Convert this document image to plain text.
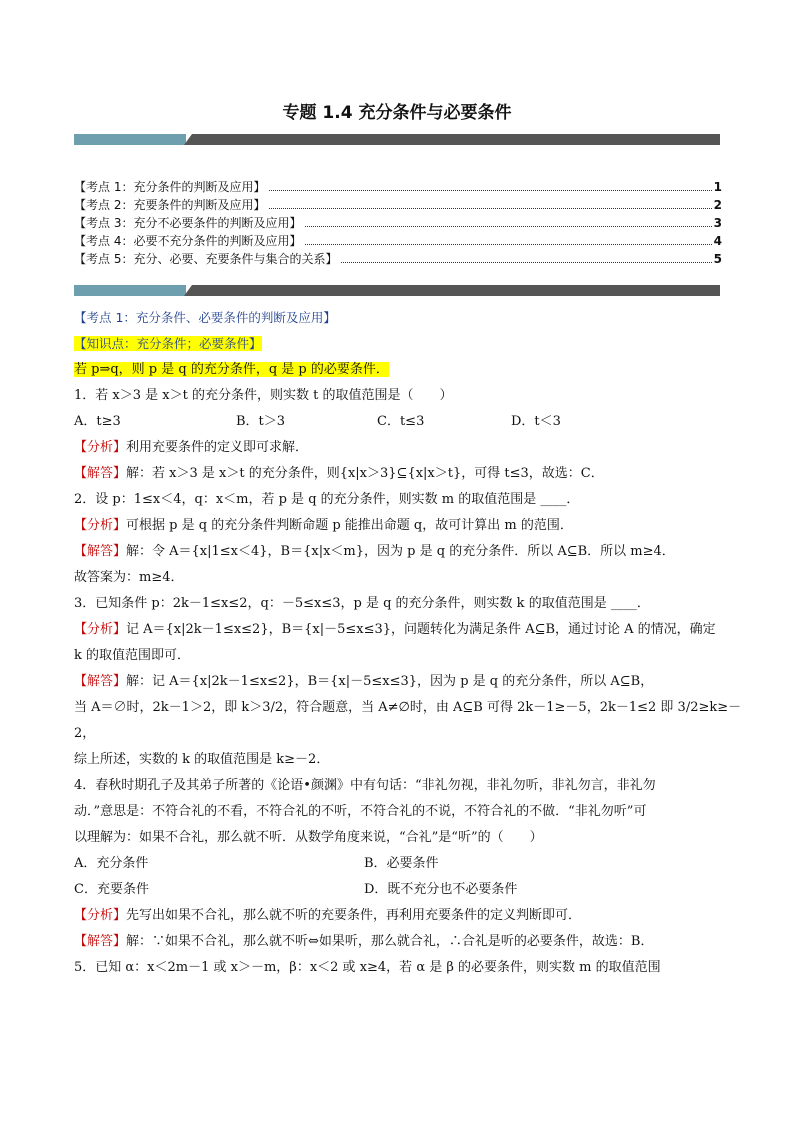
专题 1.4 充分条件与必要条件
【考点 1：充分条件的判断及应用】	1
【考点 2：充要条件的判断及应用】	2
【考点 3：充分不必要条件的判断及应用】	3
【考点 4：必要不充分条件的判断及应用】	4
【考点 5：充分、必要、充要条件与集合的关系】	5
【考点 1：充分条件、必要条件的判断及应用】
【知识点：充分条件；必要条件】
若 p⇒q，则 p 是 q 的充分条件，q 是 p 的必要条件．
1．若 x＞3 是 x＞t 的充分条件，则实数 t 的取值范围是（　　）
A．t≥3	B．t＞3	C．t≤3	D．t＜3
【分析】利用充要条件的定义即可求解．
【解答】解：若 x＞3 是 x＞t 的充分条件，则{x|x＞3}⊆{x|x＞t}，可得 t≤3，故选：C．
2．设 p：1≤x＜4，q：x＜m，若 p 是 q 的充分条件，则实数 m 的取值范围是 ____．
【分析】可根据 p 是 q 的充分条件判断命题 p 能推出命题 q，故可计算出 m 的范围．
【解答】解：令 A＝{x|1≤x＜4}，B＝{x|x＜m}，因为 p 是 q 的充分条件．所以 A⊆B．所以 m≥4．
故答案为：m≥4．
3．已知条件 p：2k－1≤x≤2，q：－5≤x≤3，p 是 q 的充分条件，则实数 k 的取值范围是 ____．
【分析】记 A＝{x|2k－1≤x≤2}，B＝{x|－5≤x≤3}，问题转化为满足条件 A⊆B，通过讨论 A 的情况，确定
k 的取值范围即可．
【解答】解：记 A＝{x|2k－1≤x≤2}，B＝{x|－5≤x≤3}，因为 p 是 q 的充分条件，所以 A⊆B，
当 A＝∅时，2k－1＞2，即 k＞3/2，符合题意，当 A≠∅时，由 A⊆B 可得 2k－1≥－5，2k－1≤2 即 3/2≥k≥－
2，
综上所述，实数的 k 的取值范围是 k≥－2．
4．春秋时期孔子及其弟子所著的《论语•颜渊》中有句话：“非礼勿视，非礼勿听，非礼勿言，非礼勿
动．”意思是：不符合礼的不看，不符合礼的不听，不符合礼的不说，不符合礼的不做．“非礼勿听”可
以理解为：如果不合礼，那么就不听．从数学角度来说，“合礼”是“听”的（　　）
A．充分条件	B．必要条件
C．充要条件	D．既不充分也不必要条件
【分析】先写出如果不合礼，那么就不听的充要条件，再利用充要条件的定义判断即可．
【解答】解：∵如果不合礼，那么就不听⇔如果听，那么就合礼，∴合礼是听的必要条件，故选：B．
5．已知 α：x＜2m－1 或 x＞－m，β：x＜2 或 x≥4，若 α 是 β 的必要条件，则实数 m 的取值范围
